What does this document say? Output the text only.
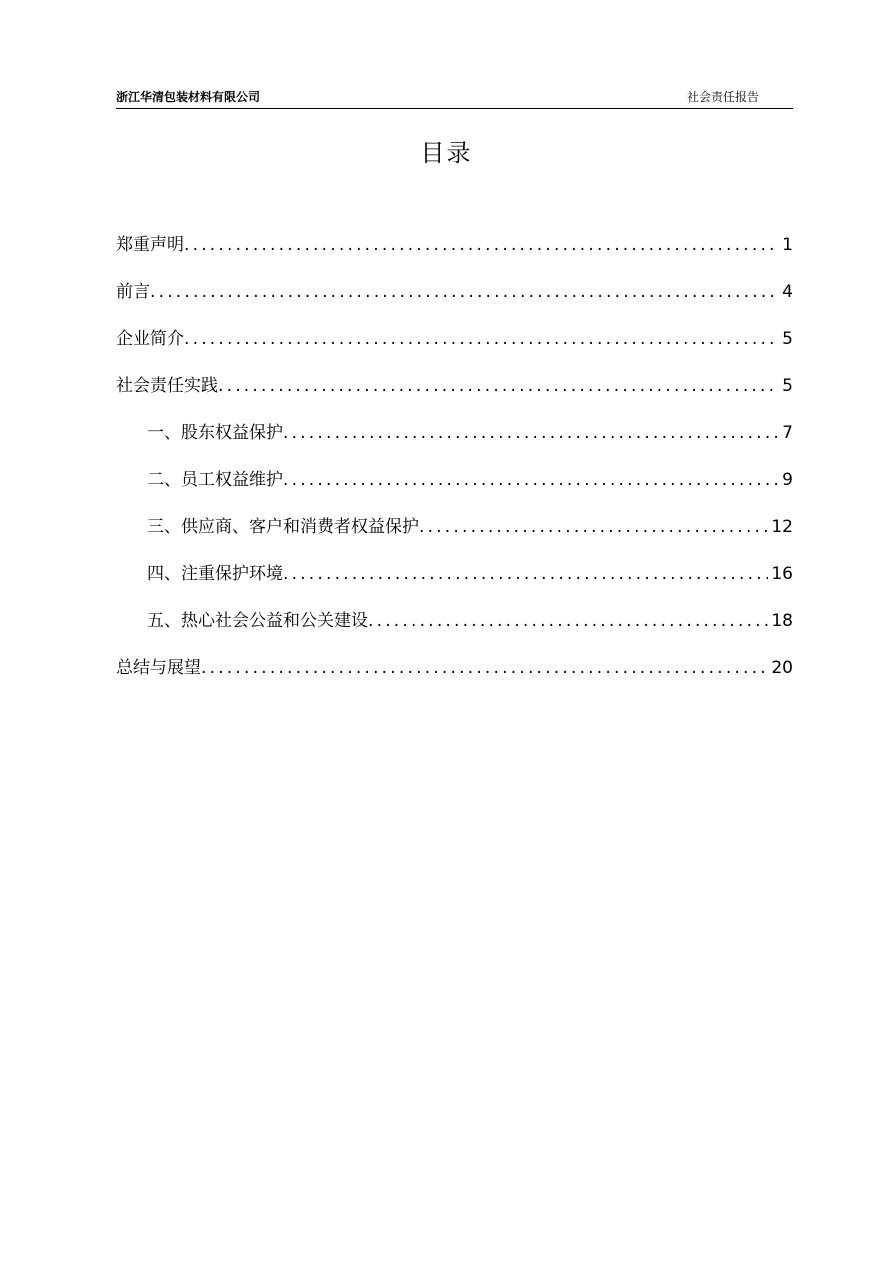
浙江华清包装材料有限公司	社会责任报告
目录
郑重声明 .....	1
前言 .....	4
企业简介 .....	5
社会责任实践 .....	5
一、股东权益保护 .....	7
二、员工权益维护 .....	9
三、供应商、客户和消费者权益保护 .....	12
四、注重保护环境 .....	16
五、热心社会公益和公关建设 .....	18
总结与展望 .....	20
